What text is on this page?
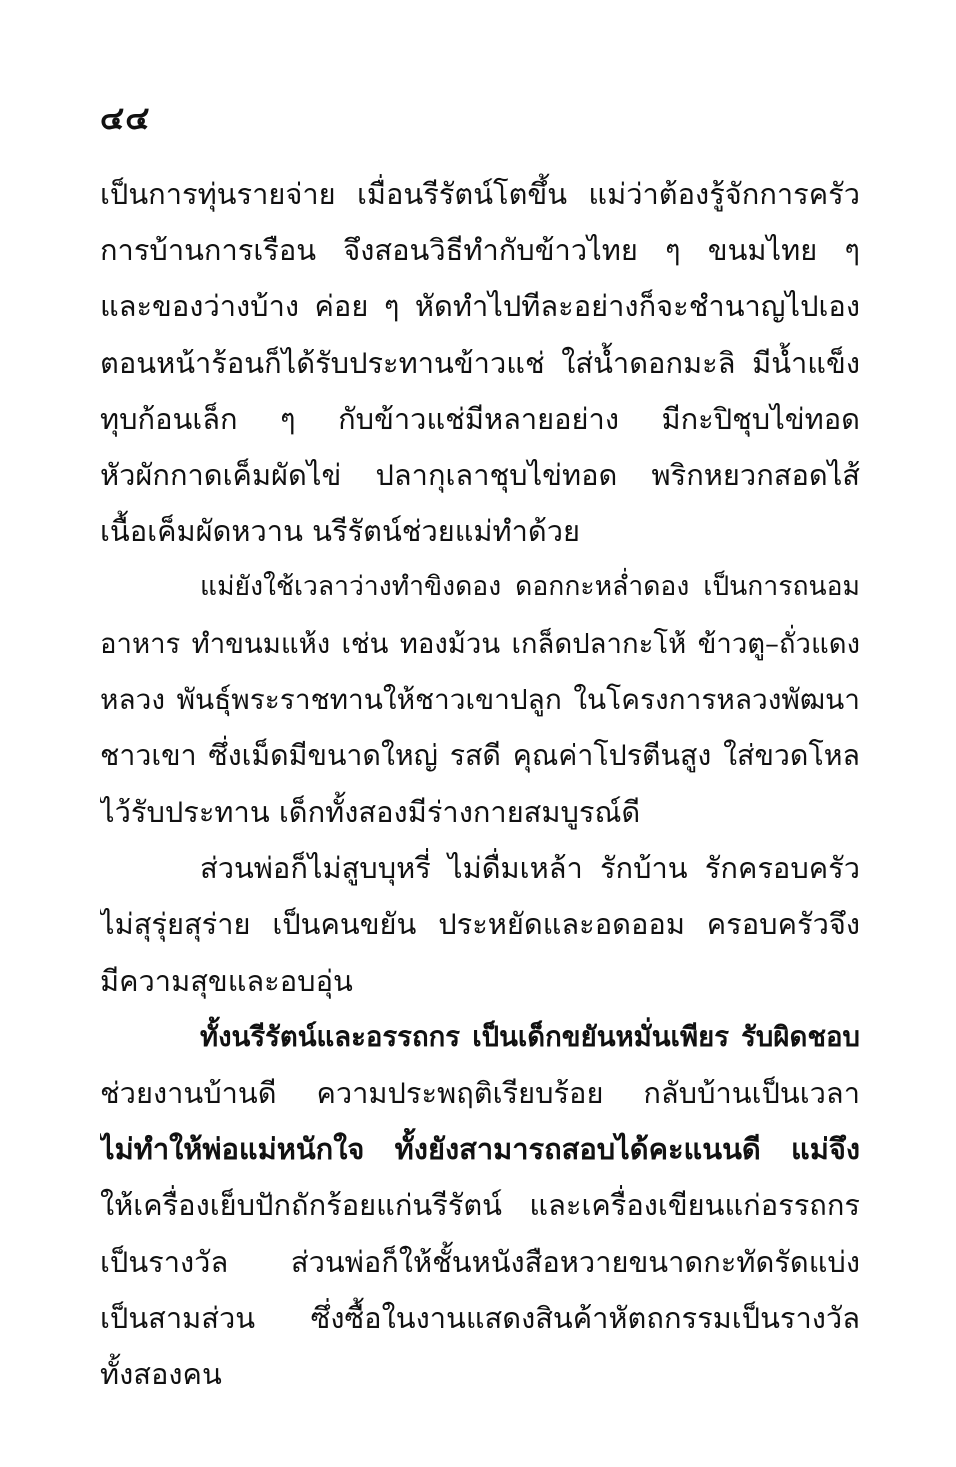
๔๔
เป็นการทุ่นรายจ่าย เมื่อนรีรัตน์โตขึ้น แม่ว่าต้องรู้จักการครัว
การบ้านการเรือน จึงสอนวิธีทำกับข้าวไทย ๆ ขนมไทย ๆ
และของว่างบ้าง ค่อย ๆ หัดทำไปทีละอย่างก็จะชำนาญไปเอง
ตอนหน้าร้อนก็ได้รับประทานข้าวแช่ ใส่น้ำดอกมะลิ มีน้ำแข็ง
ทุบก้อนเล็ก ๆ กับข้าวแช่มีหลายอย่าง มีกะปิชุบไข่ทอด
หัวผักกาดเค็มผัดไข่ ปลากุเลาชุบไข่ทอด พริกหยวกสอดไส้
เนื้อเค็มผัดหวาน นรีรัตน์ช่วยแม่ทำด้วย
แม่ยังใช้เวลาว่างทำขิงดอง ดอกกะหล่ำดอง เป็นการถนอม
อาหาร ทำขนมแห้ง เช่น ทองม้วน เกล็ดปลากะโห้ ข้าวตู–ถั่วแดง
หลวง พันธุ์พระราชทานให้ชาวเขาปลูก ในโครงการหลวงพัฒนา
ชาวเขา ซึ่งเม็ดมีขนาดใหญ่ รสดี คุณค่าโปรตีนสูง ใส่ขวดโหล
ไว้รับประทาน เด็กทั้งสองมีร่างกายสมบูรณ์ดี
ส่วนพ่อก็ไม่สูบบุหรี่ ไม่ดื่มเหล้า รักบ้าน รักครอบครัว
ไม่สุรุ่ยสุร่าย เป็นคนขยัน ประหยัดและอดออม ครอบครัวจึง
มีความสุขและอบอุ่น
ทั้งนรีรัตน์และอรรถกร เป็นเด็กขยันหมั่นเพียร รับผิดชอบ
ช่วยงานบ้านดี ความประพฤติเรียบร้อย กลับบ้านเป็นเวลา
ไม่ทำให้พ่อแม่หนักใจ ทั้งยังสามารถสอบได้คะแนนดี แม่จึง
ให้เครื่องเย็บปักถักร้อยแก่นรีรัตน์ และเครื่องเขียนแก่อรรถกร
เป็นรางวัล ส่วนพ่อก็ให้ชั้นหนังสือหวายขนาดกะทัดรัดแบ่ง
เป็นสามส่วน ซึ่งซื้อในงานแสดงสินค้าหัตถกรรมเป็นรางวัล
ทั้งสองคน
